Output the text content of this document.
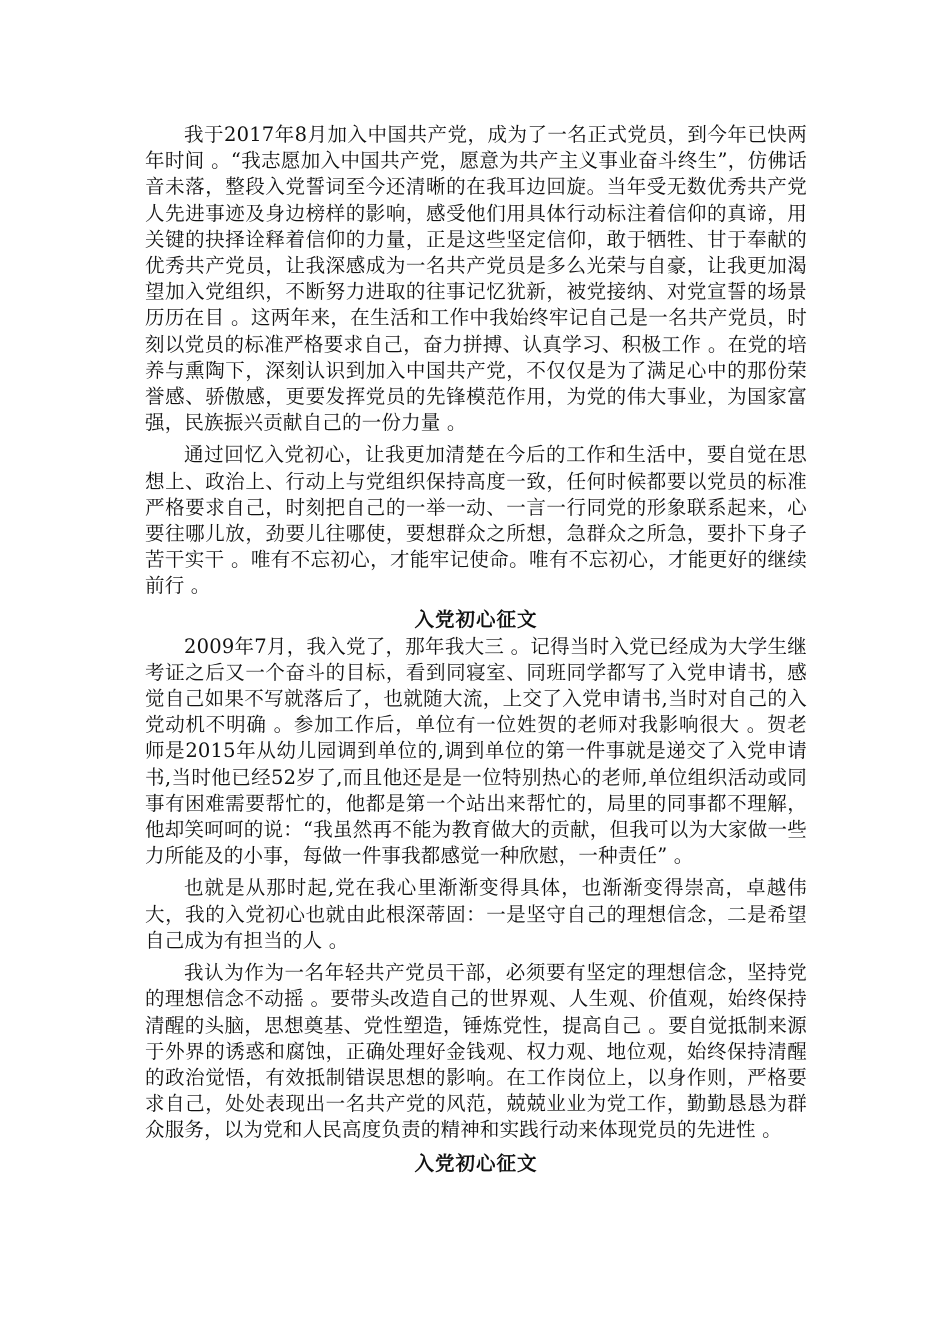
我于2017年8月加入中国共产党，成为了一名正式党员，到今年已快两年时间 。“我志愿加入中国共产党，愿意为共产主义事业奋斗终生”，仿佛话音未落，整段入党誓词至今还清晰的在我耳边回旋。当年受无数优秀共产党人先进事迹及身边榜样的影响，感受他们用具体行动标注着信仰的真谛，用关键的抉择诠释着信仰的力量，正是这些坚定信仰，敢于牺牲、甘于奉献的优秀共产党员，让我深感成为一名共产党员是多么光荣与自豪，让我更加渴望加入党组织，不断努力进取的往事记忆犹新，被党接纳、对党宣誓的场景历历在目 。这两年来，在生活和工作中我始终牢记自己是一名共产党员，时刻以党员的标准严格要求自己，奋力拼搏、认真学习、积极工作 。在党的培养与熏陶下，深刻认识到加入中国共产党，不仅仅是为了满足心中的那份荣誉感、骄傲感，更要发挥党员的先锋模范作用，为党的伟大事业，为国家富强，民族振兴贡献自己的一份力量 。

通过回忆入党初心，让我更加清楚在今后的工作和生活中，要自觉在思想上、政治上、行动上与党组织保持高度一致，任何时候都要以党员的标准严格要求自己，时刻把自己的一举一动、一言一行同党的形象联系起来，心要往哪儿放，劲要儿往哪使，要想群众之所想，急群众之所急，要扑下身子苦干实干 。唯有不忘初心，才能牢记使命。唯有不忘初心，才能更好的继续前行 。

入党初心征文

2009年7月，我入党了，那年我大三 。记得当时入党已经成为大学生继考证之后又一个奋斗的目标，看到同寝室、同班同学都写了入党申请书，感觉自己如果不写就落后了，也就随大流，上交了入党申请书,当时对自己的入党动机不明确 。参加工作后，单位有一位姓贺的老师对我影响很大 。贺老师是2015年从幼儿园调到单位的,调到单位的第一件事就是递交了入党申请书,当时他已经52岁了,而且他还是是一位特别热心的老师,单位组织活动或同事有困难需要帮忙的，他都是第一个站出来帮忙的，局里的同事都不理解，他却笑呵呵的说：“我虽然再不能为教育做大的贡献，但我可以为大家做一些力所能及的小事，每做一件事我都感觉一种欣慰，一种责任” 。

也就是从那时起,党在我心里渐渐变得具体，也渐渐变得崇高，卓越伟大，我的入党初心也就由此根深蒂固：一是坚守自己的理想信念，二是希望自己成为有担当的人 。

我认为作为一名年轻共产党员干部，必须要有坚定的理想信念，坚持党的理想信念不动摇 。要带头改造自己的世界观、人生观、价值观，始终保持清醒的头脑，思想奠基、党性塑造，锤炼党性，提高自己 。要自觉抵制来源于外界的诱惑和腐蚀，正确处理好金钱观、权力观、地位观，始终保持清醒的政治觉悟，有效抵制错误思想的影响。在工作岗位上，以身作则，严格要求自己，处处表现出一名共产党的风范，兢兢业业为党工作，勤勤恳恳为群众服务，以为党和人民高度负责的精神和实践行动来体现党员的先进性 。

入党初心征文
